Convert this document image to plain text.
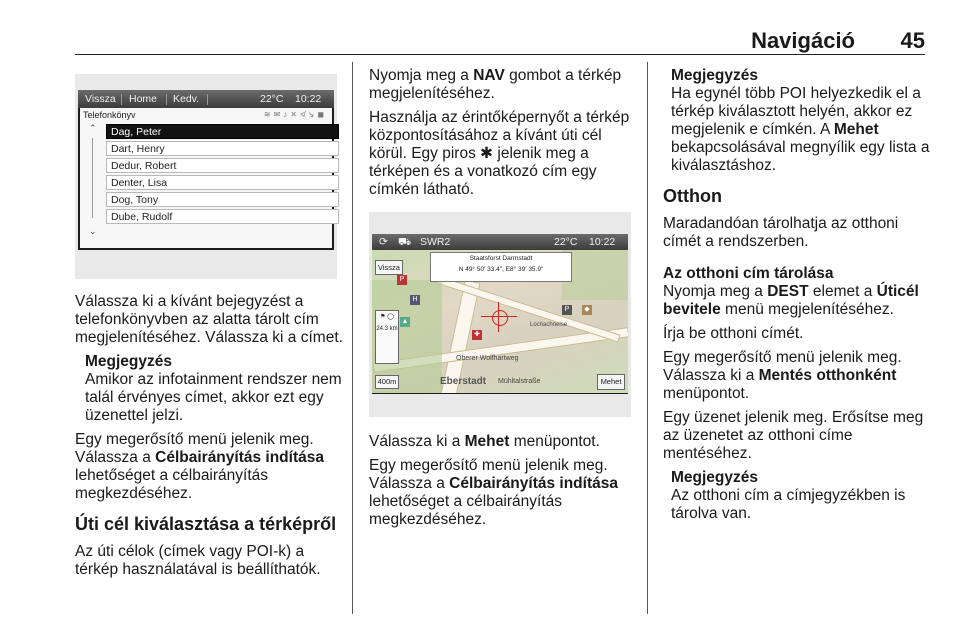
Navigáció 45
Vissza Home Kedv.	22°C 10:22
Telefonkönyv	≋✉♪✕≮↘◼
⌃
⌄
Dag, Peter
Dart, Henry
Dedur, Robert
Denter, Lisa
Dog, Tony
Dube, Rudolf

Válassza ki a kívánt bejegyzést a telefonkönyvben az alatta tárolt cím megjelenítéséhez. Válassza ki a címet.

Megjegyzés

Amikor az infotainment rendszer nem talál érvényes címet, akkor ezt egy üzenettel jelzi.

Egy megerősítő menü jelenik meg. Válassza a Célbairányítás indítása lehetőséget a célbairányítás megkezdéséhez.

Úti cél kiválasztása a térképről

Az úti célok (címek vagy POI-k) a térkép használatával is beállíthatók.

Nyomja meg a NAV gombot a térkép megjelenítéséhez.

Használja az érintőképernyőt a térkép központosításához a kívánt úti cél körül. Egy piros ✱ jelenik meg a térképen és a vonatkozó cím egy címkén látható.

⟳ ⛟ SWR2	22°C 10:22
Staatsforst Darmstadt
N 49° 50' 33.4", E8° 39' 35.9"
Vissza
⚑ ◯
24.3 km
P
H
▲
P	◆
✚
Lochachneise
Oberer Wolfhartweg
Eberstadt Mühltalstraße
400m	Mehet

Válassza ki a Mehet menüpontot.

Egy megerősítő menü jelenik meg. Válassza a Célbairányítás indítása lehetőséget a célbairányítás megkezdéséhez.

Megjegyzés

Ha egynél több POI helyezkedik el a térkép kiválasztott helyén, akkor ez megjelenik e címkén. A Mehet bekapcsolásával megnyílik egy lista a kiválasztáshoz.

Otthon

Maradandóan tárolhatja az otthoni címét a rendszerben.

Az otthoni cím tárolása

Nyomja meg a DEST elemet a Úticél bevitele menü megjelenítéséhez.

Írja be otthoni címét.

Egy megerősítő menü jelenik meg. Válassza ki a Mentés otthonként menüpontot.

Egy üzenet jelenik meg. Erősítse meg az üzenetet az otthoni címe mentéséhez.

Megjegyzés

Az otthoni cím a címjegyzékben is tárolva van.
